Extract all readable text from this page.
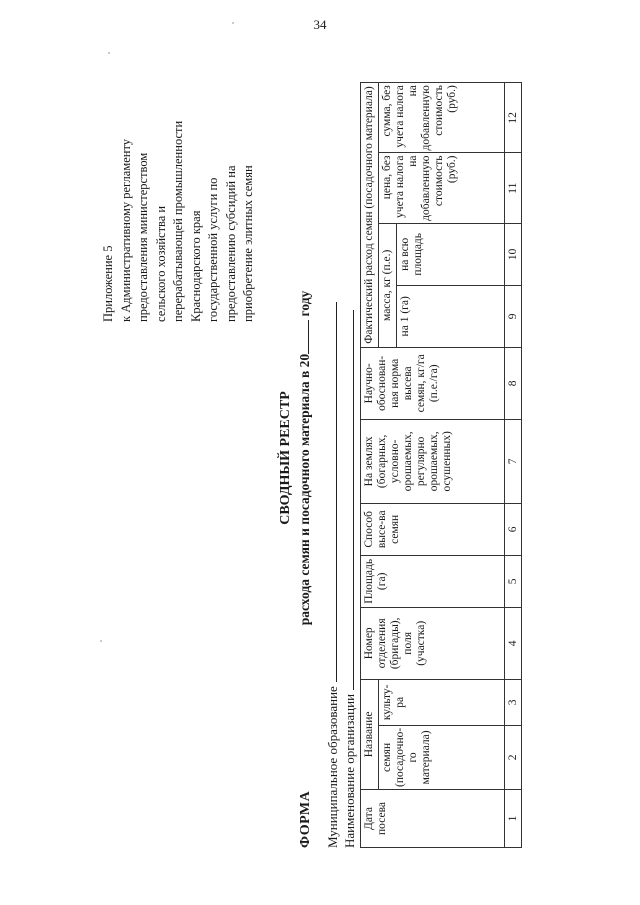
34
Приложение 5 к Административному регламенту предоставления министерством сельского хозяйства и перерабатывающей промышленности Краснодарского края государственной услуги по предоставлению субсидий на приобретение элитных семян
ФОРМА
СВОДНЫЙ РЕЕСТР расхода семян и посадочного материала в 20 году
Муниципальное образование Наименование организации Дата посева	Название		Номер отделения (бригады), поля (участка)	Площадь (га)	Способ высе-ва семян	На землях (богарных, условно-орошаемых, регулярно орошаемых, осушенных)	Научно-обоснован-ная норма высева семян, кг/га (п.е./га)	Фактический расход семян (посадочного материала)			
	семян (посадочно-го материала)	культу-ра						масса, кг (п.е.)		цена, без учета налога на добавленную стоимость (руб.)	сумма, без учета налога на добавленную стоимость (руб.)
								на 1 (га)	на всю площадь		
1	2	3	4	5	6	7	8	9	10	11	12
